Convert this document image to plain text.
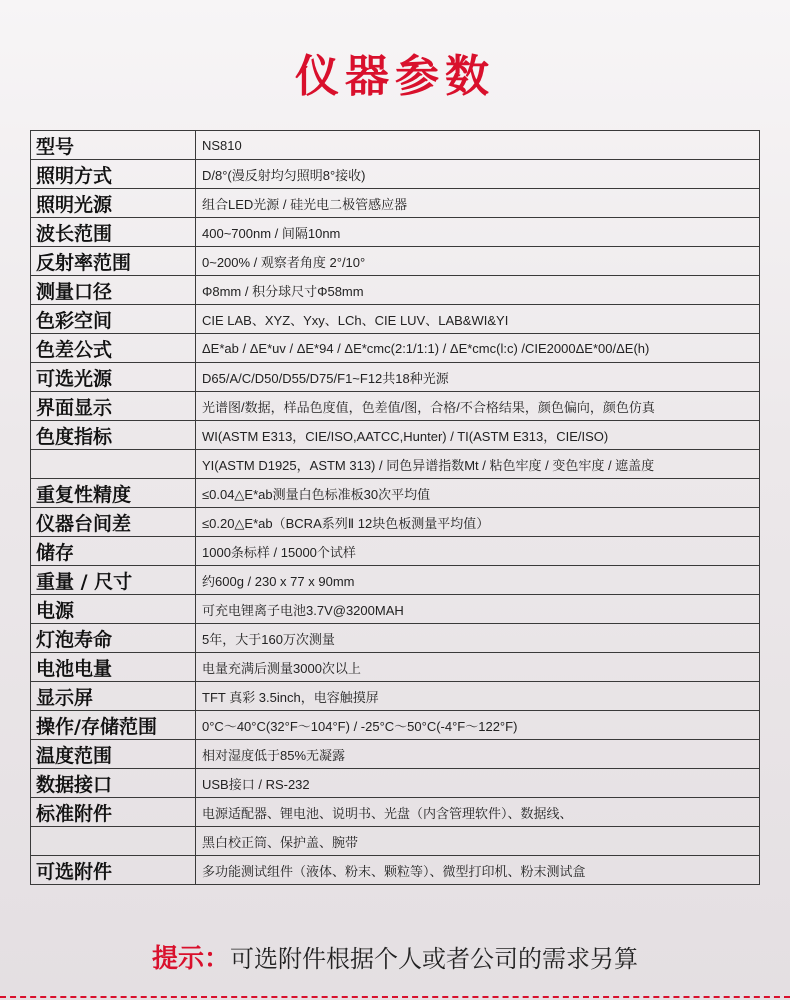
仪器参数
型号	NS810
照明方式	D/8°(漫反射均匀照明8°接收)
照明光源	组合LED光源 / 硅光电二极管感应器
波长范围	400~700nm / 间隔10nm
反射率范围	0~200% / 观察者角度 2°/10°
测量口径	Φ8mm / 积分球尺寸Φ58mm
色彩空间	CIE LAB、XYZ、Yxy、LCh、CIE LUV、LAB&WI&YI
色差公式	ΔE*ab / ΔE*uv / ΔE*94 / ΔE*cmc(2:1/1:1) / ΔE*cmc(l:c) /CIE2000ΔE*00/ΔE(h)
可选光源	D65/A/C/D50/D55/D75/F1~F12共18种光源
界面显示	光谱图/数据，样品色度值，色差值/图，合格/不合格结果，颜色偏向，颜色仿真
色度指标	WI(ASTM E313，CIE/ISO,AATCC,Hunter) / TI(ASTM E313，CIE/ISO)
	YI(ASTM D1925，ASTM 313) / 同色异谱指数Mt / 粘色牢度 / 变色牢度 / 遮盖度
重复性精度	≤0.04△E*ab测量白色标准板30次平均值
仪器台间差	≤0.20△E*ab（BCRA系列Ⅱ 12块色板测量平均值）
储存	1000条标样 / 15000个试样
重量 / 尺寸	约600g / 230 x 77 x 90mm
电源	可充电锂离子电池3.7V@3200MAH
灯泡寿命	5年，大于160万次测量
电池电量	电量充满后测量3000次以上
显示屏	TFT 真彩 3.5inch，电容触摸屏
操作/存储范围	0°C～40°C(32°F～104°F) / -25°C～50°C(-4°F～122°F)
温度范围	相对湿度低于85%无凝露
数据接口	USB接口 / RS-232
标准附件	电源适配器、锂电池、说明书、光盘（内含管理软件）、数据线、
	黑白校正筒、保护盖、腕带
可选附件	多功能测试组件（液体、粉末、颗粒等）、微型打印机、粉末测试盒
提示：可选附件根据个人或者公司的需求另算
